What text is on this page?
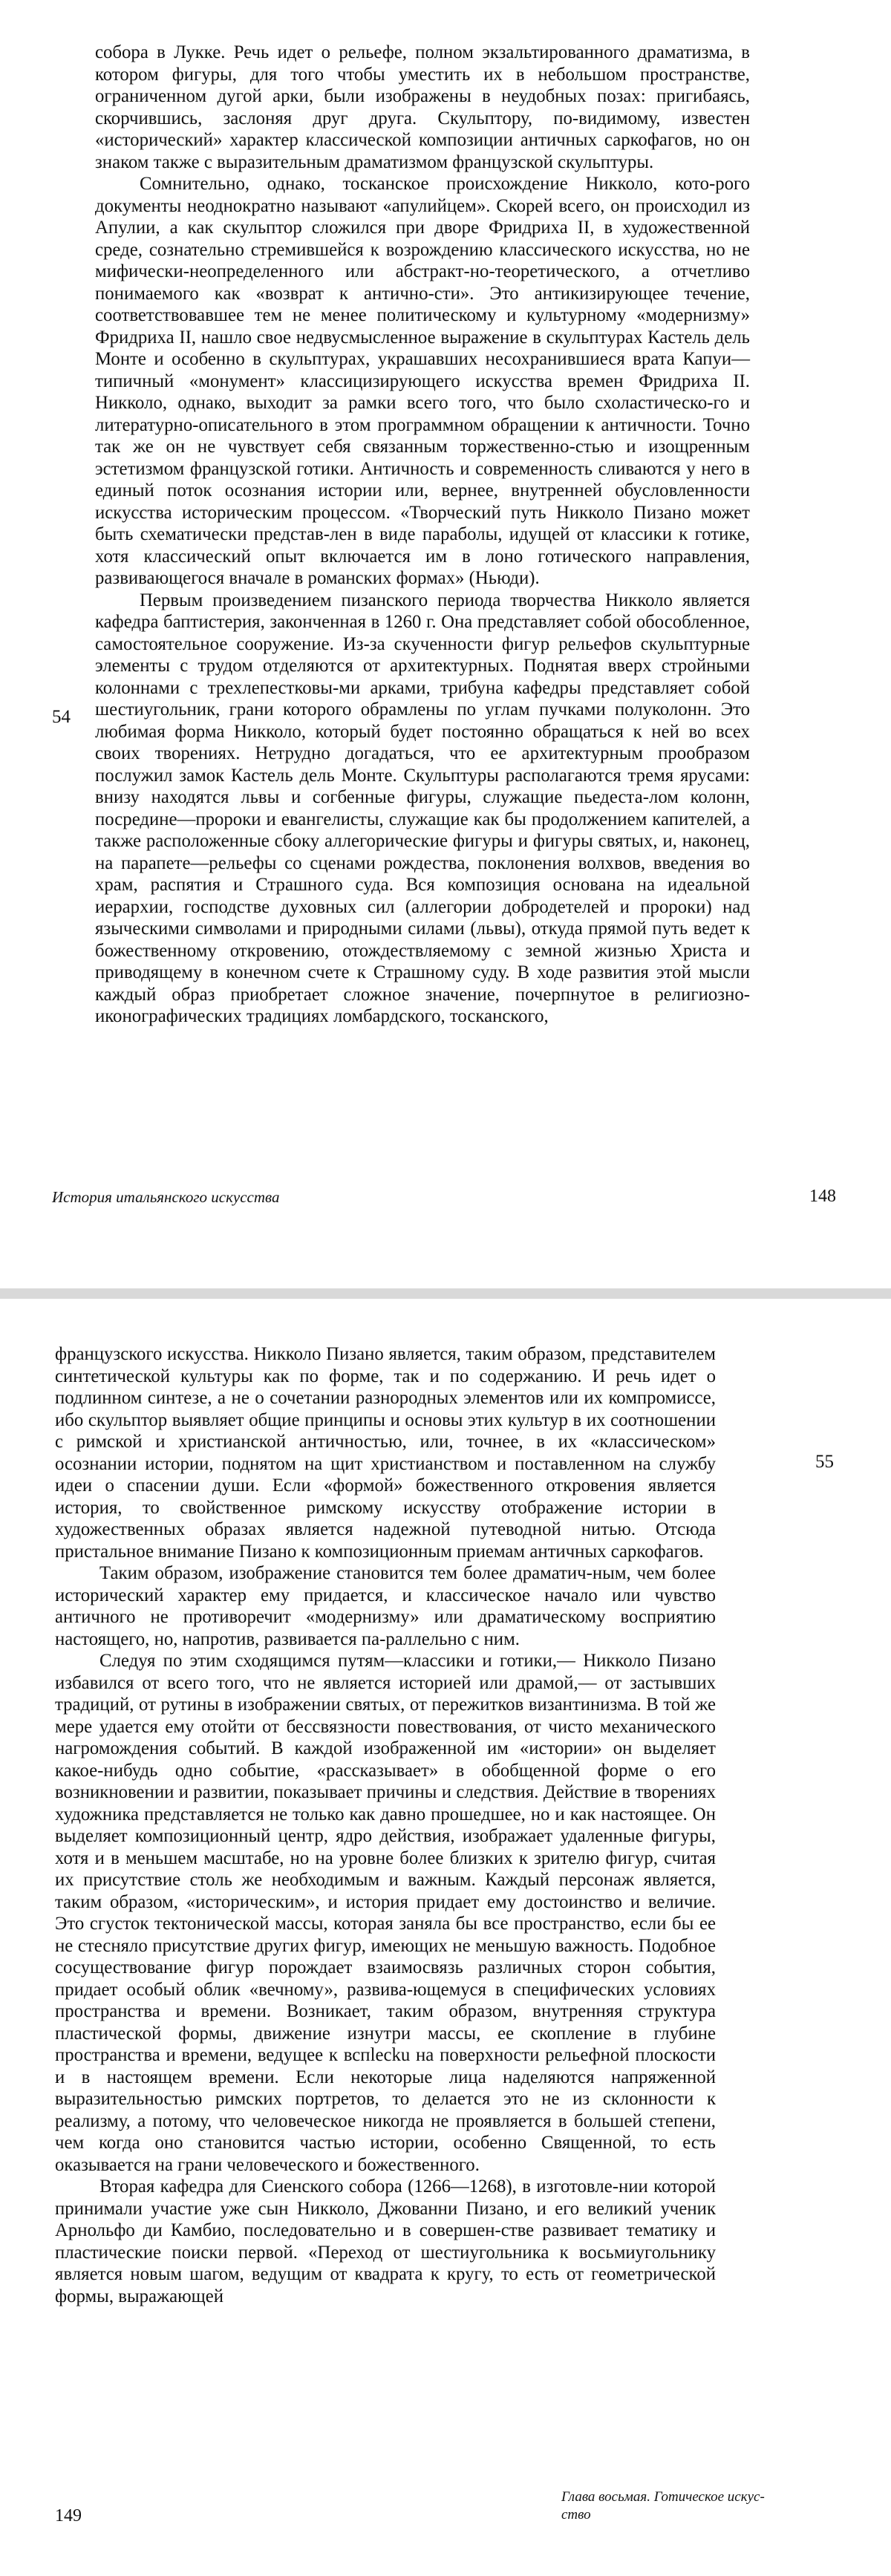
собора в Лукке. Речь идет о рельефе, полном экзальтированного драматизма, в котором фигуры, для того чтобы уместить их в небольшом пространстве, ограниченном дугой арки, были изображены в неудобных позах: пригибаясь, скорчившись, заслоняя друг друга. Скульптору, по-видимому, известен «исторический» характер классической композиции античных саркофагов, но он знаком также с выразительным драматизмом французской скульптуры.

Сомнительно, однако, тосканское происхождение Никколо, кото-рого документы неоднократно называют «апулийцем». Скорей всего, он происходил из Апулии, а как скульптор сложился при дворе Фридриха II, в художественной среде, сознательно стремившейся к возрождению классического искусства, но не мифически-неопределенного или абстракт-но-теоретического, а отчетливо понимаемого как «возврат к антично-сти». Это антикизирующее течение, соответствовавшее тем не менее политическому и культурному «модернизму» Фридриха II, нашло свое недвусмысленное выражение в скульптурах Кастель дель Монте и особенно в скульптурах, украшавших несохранившиеся врата Капуи— типичный «монумент» классицизирующего искусства времен Фридриха II. Никколо, однако, выходит за рамки всего того, что было схоластическо-го и литературно-описательного в этом программном обращении к античности. Точно так же он не чувствует себя связанным торжественно-стью и изощренным эстетизмом французской готики. Античность и современность сливаются у него в единый поток осознания истории или, вернее, внутренней обусловленности искусства историческим процессом. «Творческий путь Никколо Пизано может быть схематически представ-лен в виде параболы, идущей от классики к готике, хотя классический опыт включается им в лоно готического направления, развивающегося вначале в романских формах» (Ньюди).

Первым произведением пизанского периода творчества Никколо является кафедра баптистерия, законченная в 1260 г. Она представляет собой обособленное, самостоятельное сооружение. Из-за скученности фигур рельефов скульптурные элементы с трудом отделяются от архитектурных. Поднятая вверх стройными колоннами с трехлепестковы-ми арками, трибуна кафедры представляет собой шестиугольник, грани которого обрамлены по углам пучками полуколонн. Это любимая форма Никколо, который будет постоянно обращаться к ней во всех своих творениях. Нетрудно догадаться, что ее архитектурным прообразом послужил замок Кастель дель Монте. Скульптуры располагаются тремя ярусами: внизу находятся львы и согбенные фигуры, служащие пьедеста-лом колонн, посредине—пророки и евангелисты, служащие как бы продолжением капителей, а также расположенные сбоку аллегорические фигуры и фигуры святых, и, наконец, на парапете—рельефы со сценами рождества, поклонения волхвов, введения во храм, распятия и Страшного суда. Вся композиция основана на идеальной иерархии, господстве духовных сил (аллегории добродетелей и пророки) над языческими символами и природными силами (львы), откуда прямой путь ведет к божественному откровению, отождествляемому с земной жизнью Христа и приводящему в конечном счете к Страшному суду. В ходе развития этой мысли каждый образ приобретает сложное значение, почерпнутое в религиозно-иконографических традициях ломбардского, тосканского,

54
История итальянского искусства	148

французского искусства. Никколо Пизано является, таким образом, представителем синтетической культуры как по форме, так и по содержанию. И речь идет о подлинном синтезе, а не о сочетании разнородных элементов или их компромиссе, ибо скульптор выявляет общие принципы и основы этих культур в их соотношении с римской и христианской античностью, или, точнее, в их «классическом» осознании истории, поднятом на щит христианством и поставленном на службу идеи о спасении души. Если «формой» божественного откровения является история, то свойственное римскому искусству отображение истории в художественных образах является надежной путеводной нитью. Отсюда пристальное внимание Пизано к композиционным приемам античных саркофагов.

Таким образом, изображение становится тем более драматич-ным, чем более исторический характер ему придается, и классическое начало или чувство античного не противоречит «модернизму» или драматическому восприятию настоящего, но, напротив, развивается па-раллельно с ним.

Следуя по этим сходящимся путям—классики и готики,— Никколо Пизано избавился от всего того, что не является историей или драмой,— от застывших традиций, от рутины в изображении святых, от пережитков византинизма. В той же мере удается ему отойти от бессвязности повествования, от чисто механического нагромождения событий. В каждой изображенной им «истории» он выделяет какое-нибудь одно событие, «рассказывает» в обобщенной форме о его возникновении и развитии, показывает причины и следствия. Действие в творениях художника представляется не только как давно прошедшее, но и как настоящее. Он выделяет композиционный центр, ядро действия, изображает удаленные фигуры, хотя и в меньшем масштабе, но на уровне более близких к зрителю фигур, считая их присутствие столь же необходимым и важным. Каждый персонаж является, таким образом, «историческим», и история придает ему достоинство и величие. Это сгусток тектонической массы, которая заняла бы все пространство, если бы ее не стесняло присутствие других фигур, имеющих не меньшую важность. Подобное сосуществование фигур порождает взаимосвязь различных сторон события, придает особый облик «вечному», развива-ющемуся в специфических условиях пространства и времени. Возникает, таким образом, внутренняя структура пластической формы, движение изнутри массы, ее скопление в глубине пространства и времени, ведущее к вспleсku на поверхности рельефной плоскости и в настоящем времени. Если некоторые лица наделяются напряженной выразительностью римских портретов, то делается это не из склонности к реализму, а потому, что человеческое никогда не проявляется в большей степени, чем когда оно становится частью истории, особенно Священной, то есть оказывается на грани человеческого и божественного.

Вторая кафедра для Сиенского собора (1266—1268), в изготовле-нии которой принимали участие уже сын Никколо, Джованни Пизано, и его великий ученик Арнольфо ди Камбио, последовательно и в совершен-стве развивает тематику и пластические поиски первой. «Переход от шестиугольника к восьмиугольнику является новым шагом, ведущим от квадрата к кругу, то есть от геометрической формы, выражающей

55
149
Глава восьмая. Готическое искус-
ство
